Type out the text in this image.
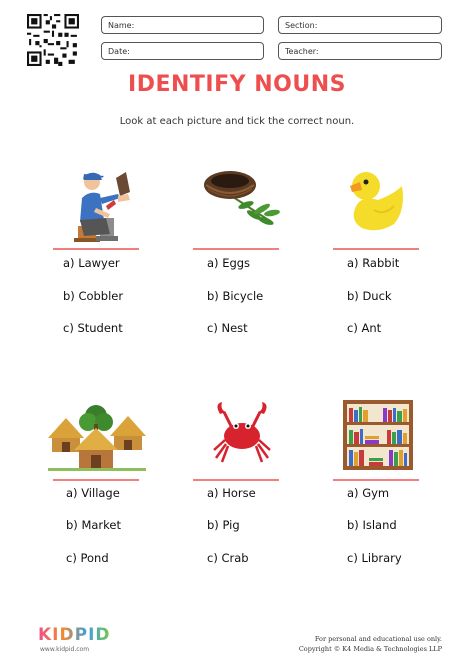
Name:	Section:
Date:	Teacher:
IDENTIFY NOUNS
Look at each picture and tick the correct noun.
a) Lawyer
b) Cobbler
c) Student
a) Eggs
b) Bicycle
c) Nest
a) Rabbit
b) Duck
c) Ant
a) Village
b) Market
c) Pond
a) Horse
b) Pig
c) Crab
a) Gym
b) Island
c) Library
KIDPID
www.kidpid.com
For personal and educational use only.
Copyright © K4 Media & Technologies LLP
